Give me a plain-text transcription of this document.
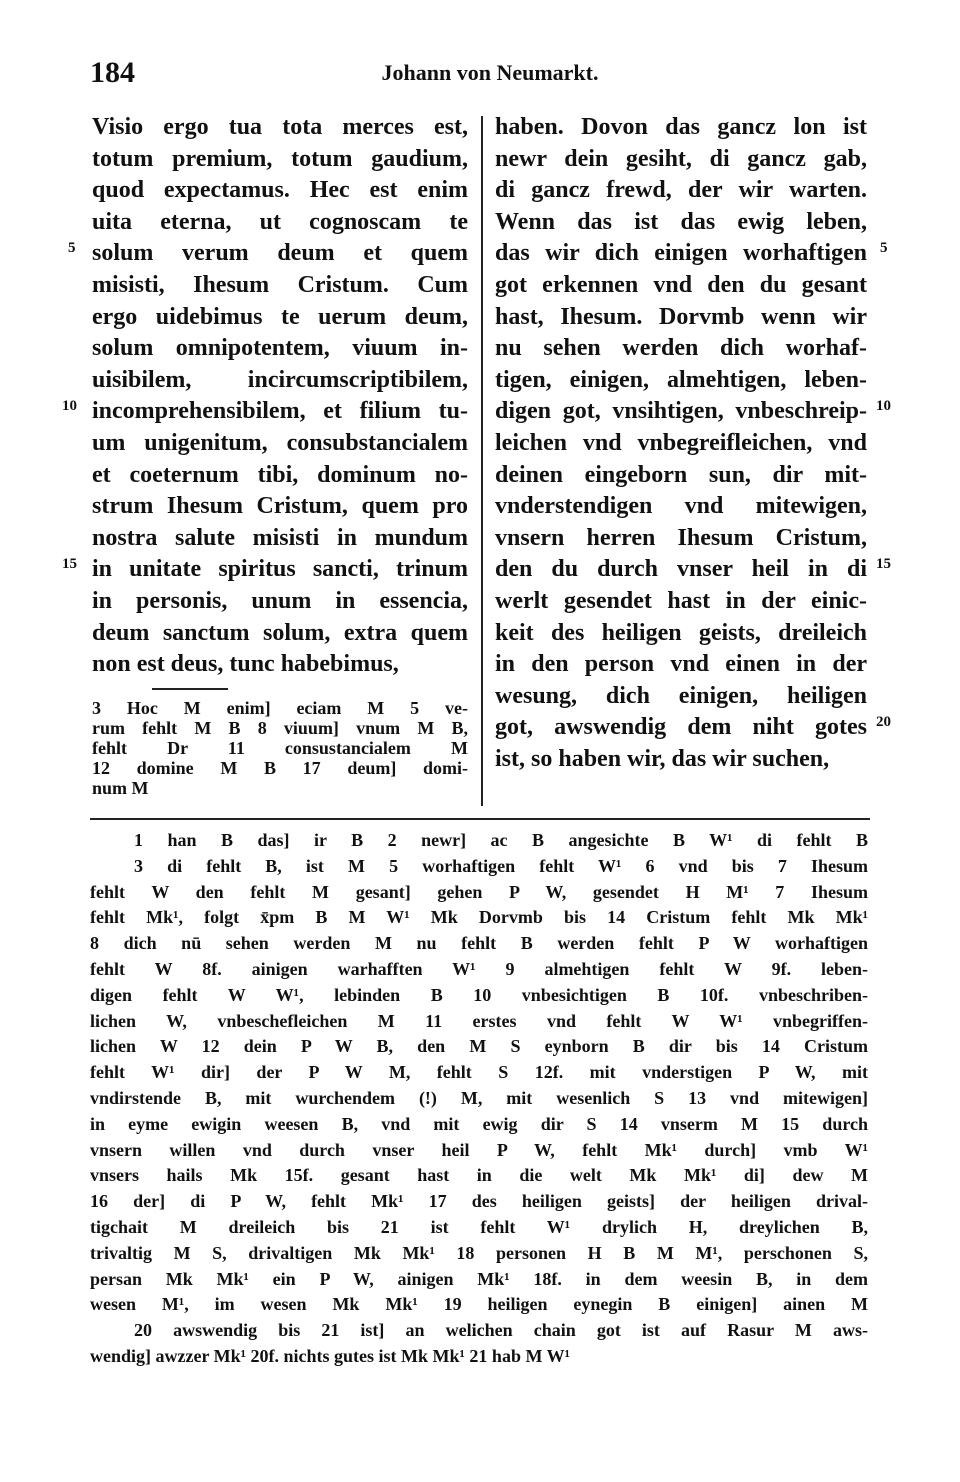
184	Johann von Neumarkt.
Visio ergo tua tota merces est,
totum premium, totum gaudium,
quod expectamus. Hec est enim
uita eterna, ut cognoscam te
solum verum deum et quem
misisti, Ihesum Cristum. Cum
ergo uidebimus te uerum deum,
solum omnipotentem, viuum in-
uisibilem, incircumscriptibilem,
incomprehensibilem, et filium tu-
um unigenitum, consubstancialem
et coeternum tibi, dominum no-
strum Ihesum Cristum, quem pro
nostra salute misisti in mundum
in unitate spiritus sancti, trinum
in personis, unum in essencia,
deum sanctum solum, extra quem
non est deus, tunc habebimus,
5
10
15
haben. Dovon das gancz lon ist
newr dein gesiht, di gancz gab,
di gancz frewd, der wir warten.
Wenn das ist das ewig leben,
das wir dich einigen worhaftigen
got erkennen vnd den du gesant
hast, Ihesum. Dorvmb wenn wir
nu sehen werden dich worhaf-
tigen, einigen, almehtigen, leben-
digen got, vnsihtigen, vnbeschreip-
leichen vnd vnbegreifleichen, vnd
deinen eingeborn sun, dir mit-
vnderstendigen vnd mitewigen,
vnsern herren Ihesum Cristum,
den du durch vnser heil in di
werlt gesendet hast in der einic-
keit des heiligen geists, dreileich
in den person vnd einen in der
wesung, dich einigen, heiligen
got, awswendig dem niht gotes
ist, so haben wir, das wir suchen,
5
10
15
20
3 Hoc M enim] eciam M 5 ve-
rum fehlt M B 8 viuum] vnum M B,
fehlt Dr 11 consustancialem M
12 domine M B 17 deum] domi-
num M
1 han B das] ir B 2 newr] ac B angesichte B W¹ di fehlt B
3 di fehlt B, ist M 5 worhaftigen fehlt W¹ 6 vnd bis 7 Ihesum
fehlt W den fehlt M gesant] gehen P W, gesendet H M¹ 7 Ihesum
fehlt Mk¹, folgt x̄pm B M W¹ Mk Dorvmb bis 14 Cristum fehlt Mk Mk¹
8 dich nū sehen werden M nu fehlt B werden fehlt P W worhaftigen
fehlt W 8f. ainigen warhafften W¹ 9 almehtigen fehlt W 9f. leben-
digen fehlt W W¹, lebinden B 10 vnbesichtigen B 10f. vnbeschriben-
lichen W, vnbeschefleichen M 11 erstes vnd fehlt W W¹ vnbegriffen-
lichen W 12 dein P W B, den M S eynborn B dir bis 14 Cristum
fehlt W¹ dir] der P W M, fehlt S 12f. mit vnderstigen P W, mit
vndirstende B, mit wurchendem (!) M, mit wesenlich S 13 vnd mitewigen]
in eyme ewigin weesen B, vnd mit ewig dir S 14 vnserm M 15 durch
vnsern willen vnd durch vnser heil P W, fehlt Mk¹ durch] vmb W¹
vnsers hails Mk 15f. gesant hast in die welt Mk Mk¹ di] dew M
16 der] di P W, fehlt Mk¹ 17 des heiligen geists] der heiligen drival-
tigchait M dreileich bis 21 ist fehlt W¹ drylich H, dreylichen B,
trivaltig M S, drivaltigen Mk Mk¹ 18 personen H B M M¹, perschonen S,
persan Mk Mk¹ ein P W, ainigen Mk¹ 18f. in dem weesin B, in dem
wesen M¹, im wesen Mk Mk¹ 19 heiligen eynegin B einigen] ainen M
20 awswendig bis 21 ist] an welichen chain got ist auf Rasur M aws-
wendig] awzzer Mk¹ 20f. nichts gutes ist Mk Mk¹ 21 hab M W¹
